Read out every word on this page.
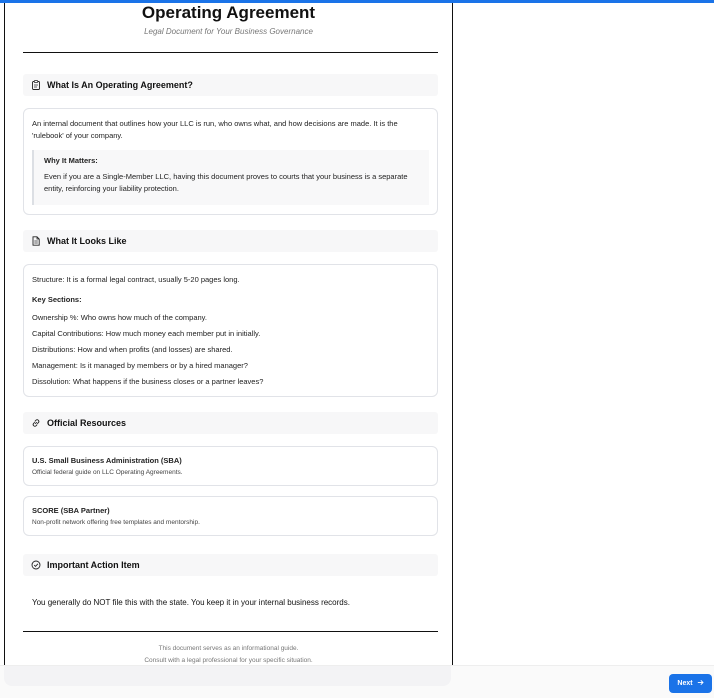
Operating Agreement
Legal Document for Your Business Governance
What Is An Operating Agreement?

An internal document that outlines how your LLC is run, who owns what, and how decisions are made. It is the 'rulebook' of your company.

Why It Matters:

Even if you are a Single-Member LLC, having this document proves to courts that your business is a separate entity, reinforcing your liability protection.

What It Looks Like

Structure: It is a formal legal contract, usually 5-20 pages long.

Key Sections:

Ownership %: Who owns how much of the company.

Capital Contributions: How much money each member put in initially.

Distributions: How and when profits (and losses) are shared.

Management: Is it managed by members or by a hired manager?

Dissolution: What happens if the business closes or a partner leaves?

Official Resources
U.S. Small Business Administration (SBA)
Official federal guide on LLC Operating Agreements.
SCORE (SBA Partner)
Non-profit network offering free templates and mentorship.
Important Action Item
You generally do NOT file this with the state. You keep it in your internal business records.
This document serves as an informational guide.
Consult with a legal professional for your specific situation.
Next
